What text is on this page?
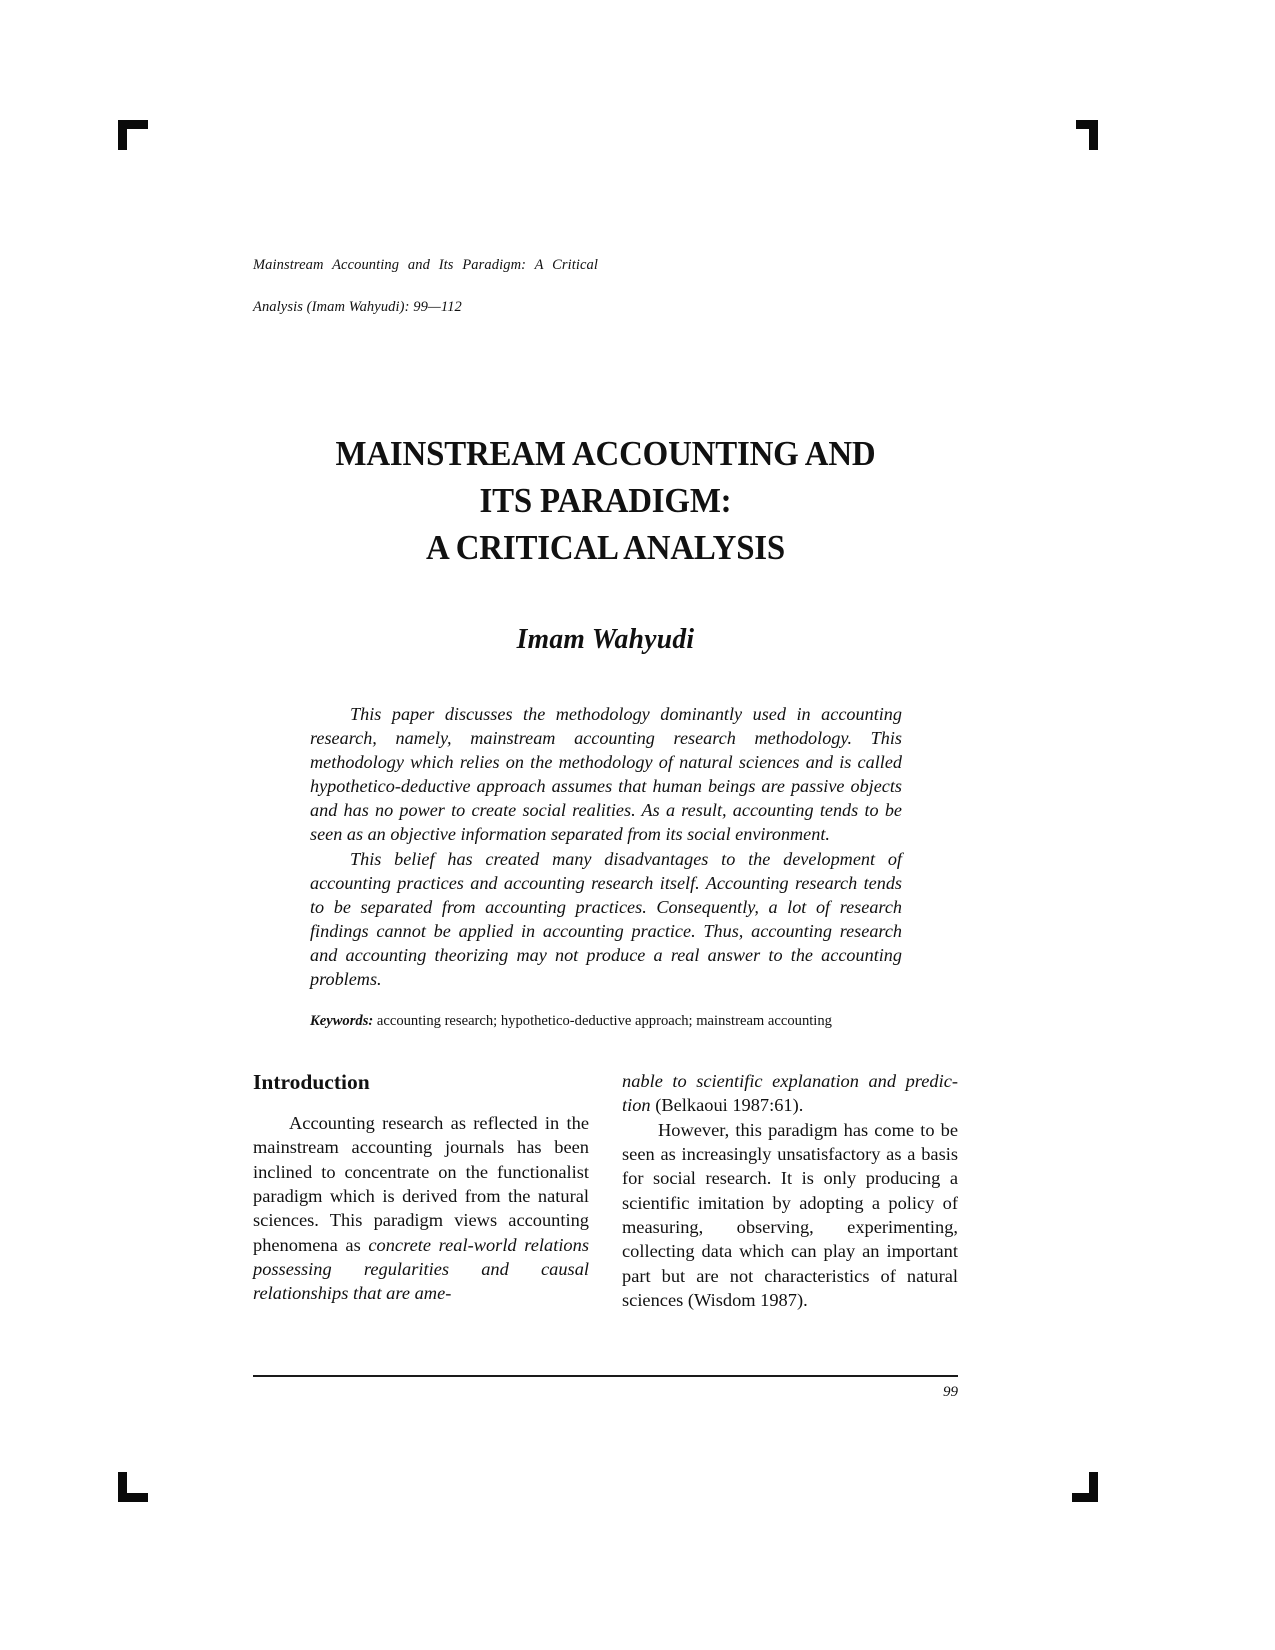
Mainstream Accounting and Its Paradigm: A Critical
Analysis (Imam Wahyudi): 99—112
MAINSTREAM ACCOUNTING AND
ITS PARADIGM:
A CRITICAL ANALYSIS
Imam Wahyudi

This paper discusses the methodology dominantly used in accounting research, namely, mainstream accounting research methodology. This methodology which relies on the methodology of natural sciences and is called hypothetico-deductive approach assumes that human beings are passive objects and has no power to create social realities. As a result, accounting tends to be seen as an objective information separated from its social environment.

This belief has created many disadvantages to the development of accounting practices and accounting research itself. Accounting research tends to be separated from accounting practices. Consequently, a lot of research findings cannot be applied in accounting practice. Thus, accounting research and accounting theorizing may not produce a real answer to the accounting problems.

Keywords: accounting research; hypothetico-deductive approach; mainstream accounting
Introduction

Accounting research as reflected in the mainstream accounting journals has been inclined to concentrate on the functionalist paradigm which is derived from the natural sciences. This paradigm views accounting phenomena as concrete real-world relations possessing regularities and causal relationships that are ame-

nable to scientific explanation and predic-tion (Belkaoui 1987:61).

However, this paradigm has come to be seen as increasingly unsatisfactory as a basis for social research. It is only producing a scientific imitation by adopting a policy of measuring, observing, experimenting, collecting data which can play an important part but are not characteristics of natural sciences (Wisdom 1987).

99
